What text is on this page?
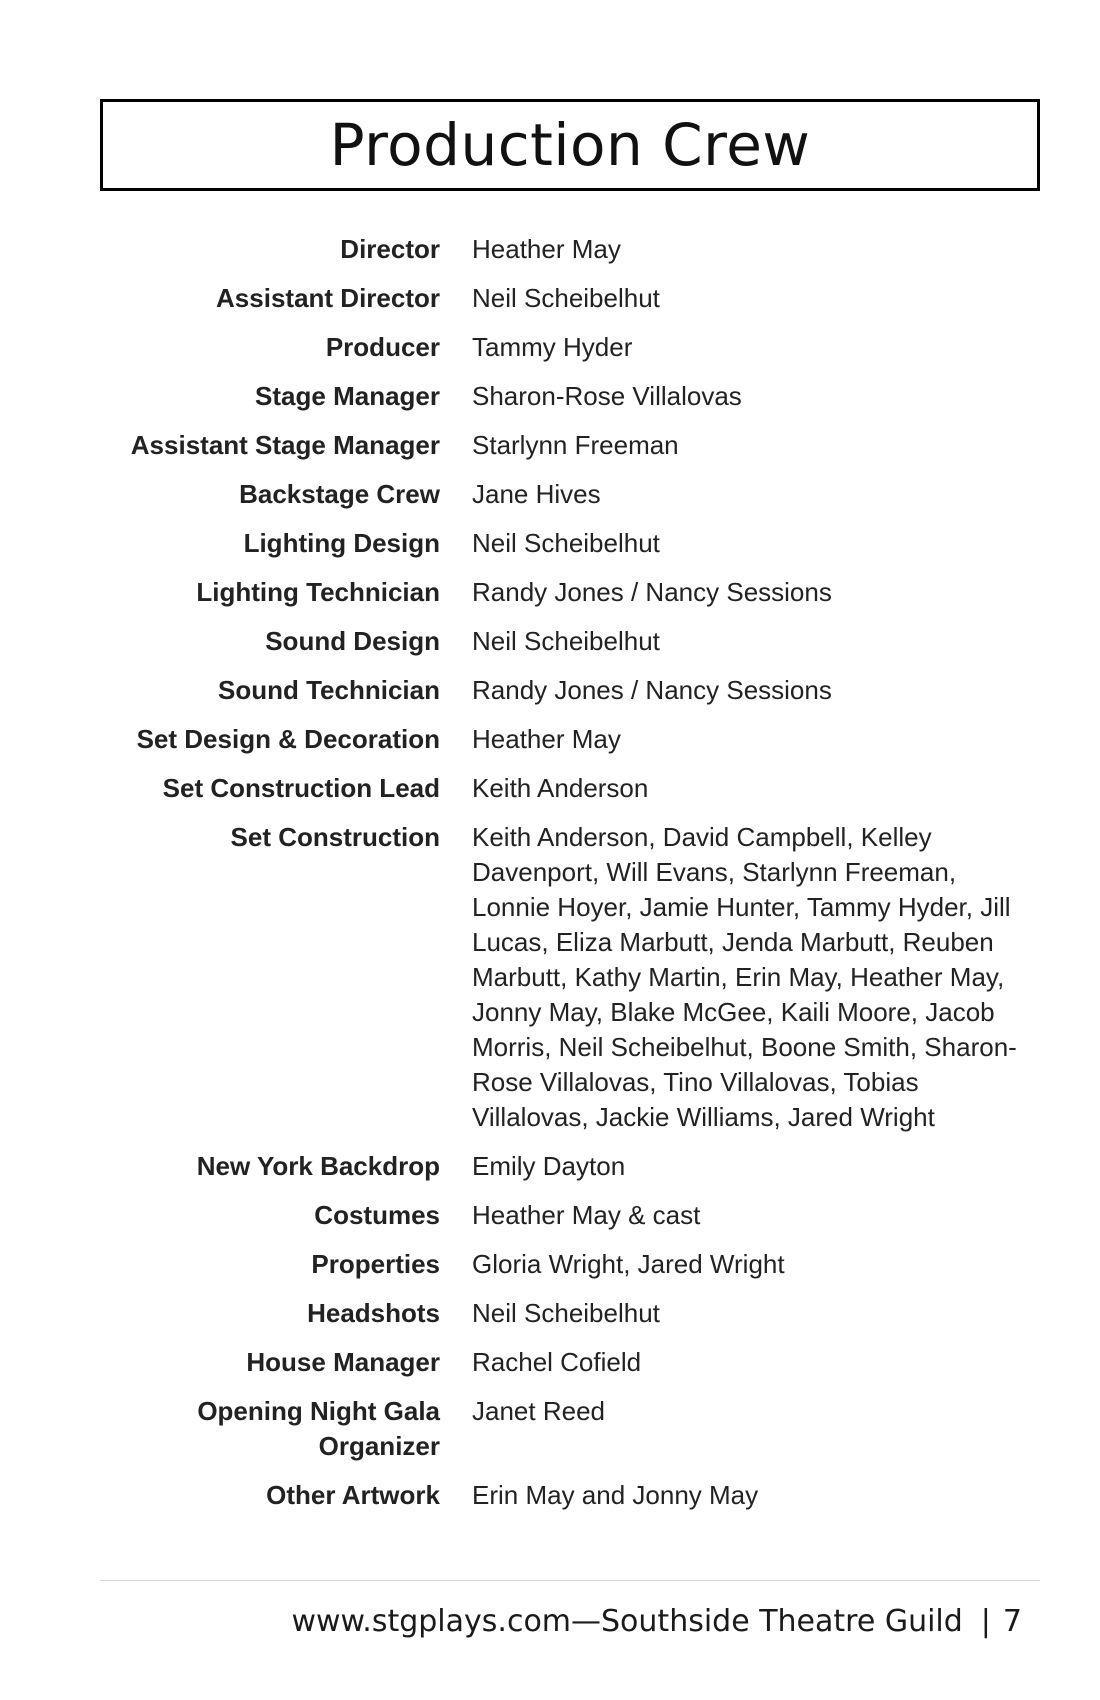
Production Crew
Director Heather May
Assistant Director Neil Scheibelhut
Producer Tammy Hyder
Stage Manager Sharon-Rose Villalovas
Assistant Stage Manager Starlynn Freeman
Backstage Crew Jane Hives
Lighting Design Neil Scheibelhut
Lighting Technician Randy Jones / Nancy Sessions
Sound Design Neil Scheibelhut
Sound Technician Randy Jones / Nancy Sessions
Set Design & Decoration Heather May
Set Construction Lead Keith Anderson
Set Construction Keith Anderson, David Campbell, Kelley Davenport, Will Evans, Starlynn Freeman, Lonnie Hoyer, Jamie Hunter, Tammy Hyder, Jill Lucas, Eliza Marbutt, Jenda Marbutt, Reuben Marbutt, Kathy Martin, Erin May, Heather May, Jonny May, Blake McGee, Kaili Moore, Jacob Morris, Neil Scheibelhut, Boone Smith, Sharon-Rose Villalovas, Tino Villalovas, Tobias Villalovas, Jackie Williams, Jared Wright
New York Backdrop Emily Dayton
Costumes Heather May & cast
Properties Gloria Wright, Jared Wright
Headshots Neil Scheibelhut
House Manager Rachel Cofield
Opening Night Gala Organizer
Janet Reed
Other Artwork Erin May and Jonny May
www.stgplays.com—Southside Theatre Guild | 7
